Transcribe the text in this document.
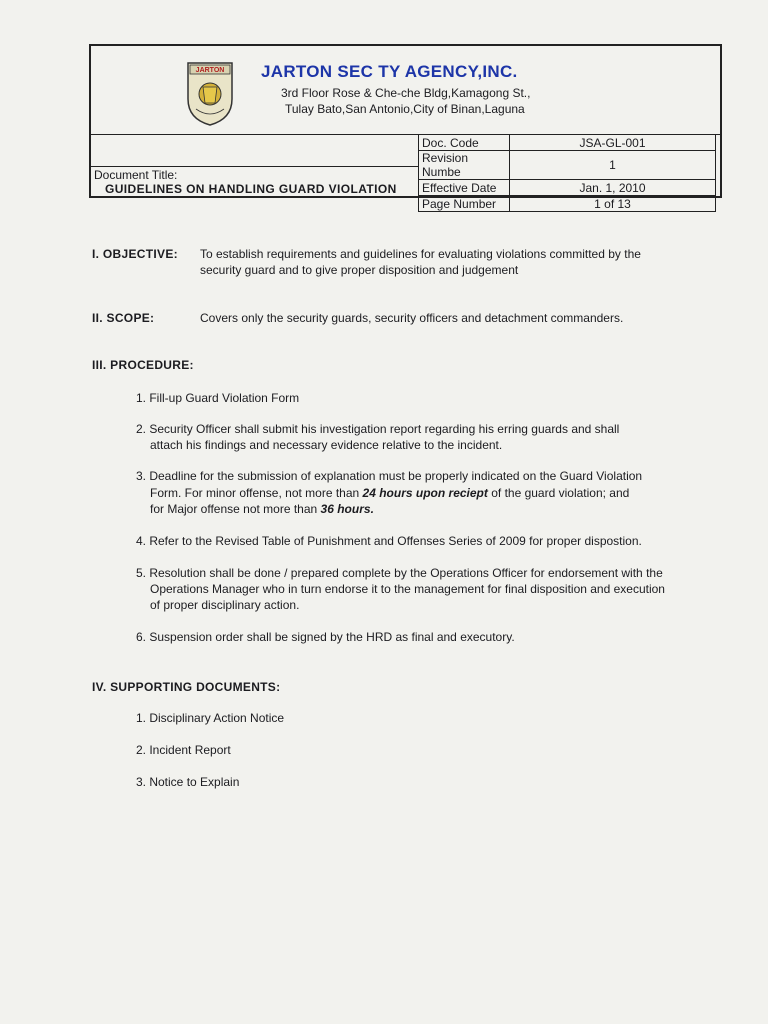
JARTON JARTON SEC TY AGENCY,INC.
3rd Floor Rose & Che-che Bldg,Kamagong St.,
Tulay Bato,San Antonio,City of Binan,Laguna
Document Title:
GUIDELINES ON HANDLING GUARD VIOLATION
Doc. Code	JSA-GL-001
Revision Numbe	1
Effective Date	Jan. 1, 2010
Page Number	1 of 13
I. OBJECTIVE: To establish requirements and guidelines for evaluating violations committed by the
security guard and to give proper disposition and judgement
II. SCOPE:	Covers only the security guards, security officers and detachment commanders.
III. PROCEDURE:
1. Fill-up Guard Violation Form
2. Security Officer shall submit his investigation report regarding his erring guards and shall
attach his findings and necessary evidence relative to the incident.
3. Deadline for the submission of explanation must be properly indicated on the Guard Violation
Form. For minor offense, not more than 24 hours upon reciept of the guard violation; and
for Major offense not more than 36 hours.
4. Refer to the Revised Table of Punishment and Offenses Series of 2009 for proper dispostion.
5. Resolution shall be done / prepared complete by the Operations Officer for endorsement with the
Operations Manager who in turn endorse it to the management for final disposition and execution
of proper disciplinary action.
6. Suspension order shall be signed by the HRD as final and executory.
IV. SUPPORTING DOCUMENTS:
1. Disciplinary Action Notice
2. Incident Report
3. Notice to Explain
